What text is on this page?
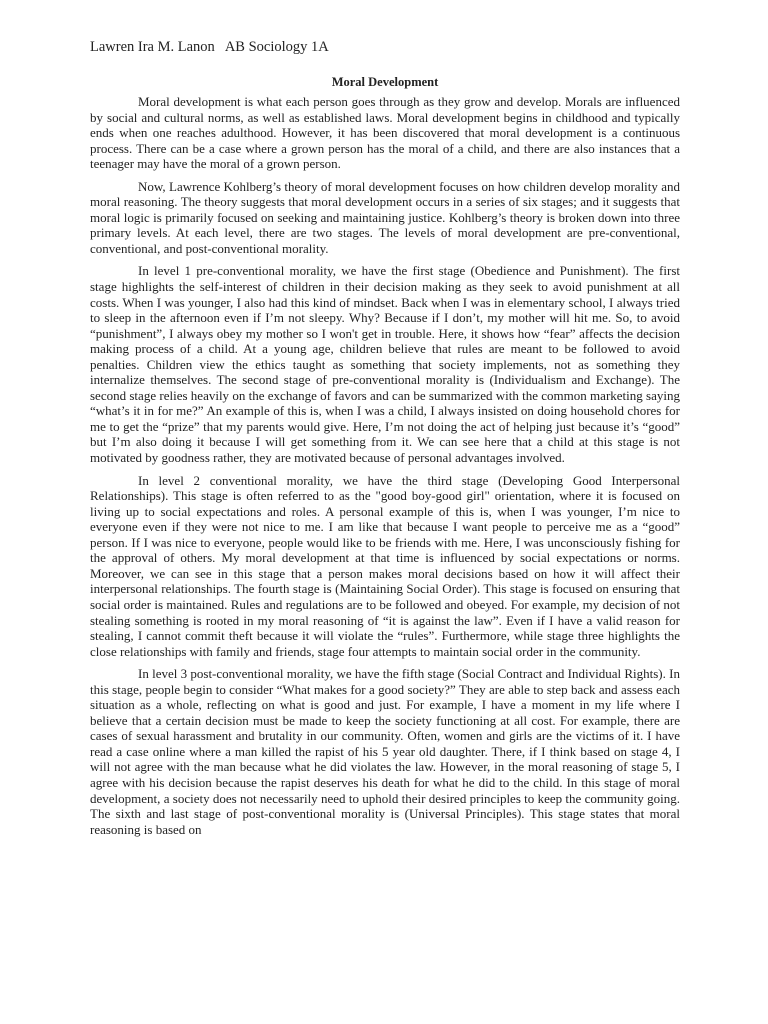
Lawren Ira M. Lanon AB Sociology 1A
Moral Development

Moral development is what each person goes through as they grow and develop. Morals are influenced by social and cultural norms, as well as established laws. Moral development begins in childhood and typically ends when one reaches adulthood. However, it has been discovered that moral development is a continuous process. There can be a case where a grown person has the moral of a child, and there are also instances that a teenager may have the moral of a grown person.

Now, Lawrence Kohlberg’s theory of moral development focuses on how children develop morality and moral reasoning. The theory suggests that moral development occurs in a series of six stages; and it suggests that moral logic is primarily focused on seeking and maintaining justice. Kohlberg’s theory is broken down into three primary levels. At each level, there are two stages. The levels of moral development are pre-conventional, conventional, and post-conventional morality.

In level 1 pre-conventional morality, we have the first stage (Obedience and Punishment). The first stage highlights the self-interest of children in their decision making as they seek to avoid punishment at all costs. When I was younger, I also had this kind of mindset. Back when I was in elementary school, I always tried to sleep in the afternoon even if I’m not sleepy. Why? Because if I don’t, my mother will hit me. So, to avoid “punishment”, I always obey my mother so I won't get in trouble. Here, it shows how “fear” affects the decision making process of a child. At a young age, children believe that rules are meant to be followed to avoid penalties. Children view the ethics taught as something that society implements, not as something they internalize themselves. The second stage of pre-conventional morality is (Individualism and Exchange). The second stage relies heavily on the exchange of favors and can be summarized with the common marketing saying “what’s it in for me?” An example of this is, when I was a child, I always insisted on doing household chores for me to get the “prize” that my parents would give. Here, I’m not doing the act of helping just because it’s “good” but I’m also doing it because I will get something from it. We can see here that a child at this stage is not motivated by goodness rather, they are motivated because of personal advantages involved.

In level 2 conventional morality, we have the third stage (Developing Good Interpersonal Relationships). This stage is often referred to as the "good boy-good girl" orientation, where it is focused on living up to social expectations and roles. A personal example of this is, when I was younger, I’m nice to everyone even if they were not nice to me. I am like that because I want people to perceive me as a “good” person. If I was nice to everyone, people would like to be friends with me. Here, I was unconsciously fishing for the approval of others. My moral development at that time is influenced by social expectations or norms. Moreover, we can see in this stage that a person makes moral decisions based on how it will affect their interpersonal relationships. The fourth stage is (Maintaining Social Order). This stage is focused on ensuring that social order is maintained. Rules and regulations are to be followed and obeyed. For example, my decision of not stealing something is rooted in my moral reasoning of “it is against the law”. Even if I have a valid reason for stealing, I cannot commit theft because it will violate the “rules”. Furthermore, while stage three highlights the close relationships with family and friends, stage four attempts to maintain social order in the community.

In level 3 post-conventional morality, we have the fifth stage (Social Contract and Individual Rights). In this stage, people begin to consider “What makes for a good society?” They are able to step back and assess each situation as a whole, reflecting on what is good and just. For example, I have a moment in my life where I believe that a certain decision must be made to keep the society functioning at all cost. For example, there are cases of sexual harassment and brutality in our community. Often, women and girls are the victims of it. I have read a case online where a man killed the rapist of his 5 year old daughter. There, if I think based on stage 4, I will not agree with the man because what he did violates the law. However, in the moral reasoning of stage 5, I agree with his decision because the rapist deserves his death for what he did to the child. In this stage of moral development, a society does not necessarily need to uphold their desired principles to keep the community going. The sixth and last stage of post-conventional morality is (Universal Principles). This stage states that moral reasoning is based on
